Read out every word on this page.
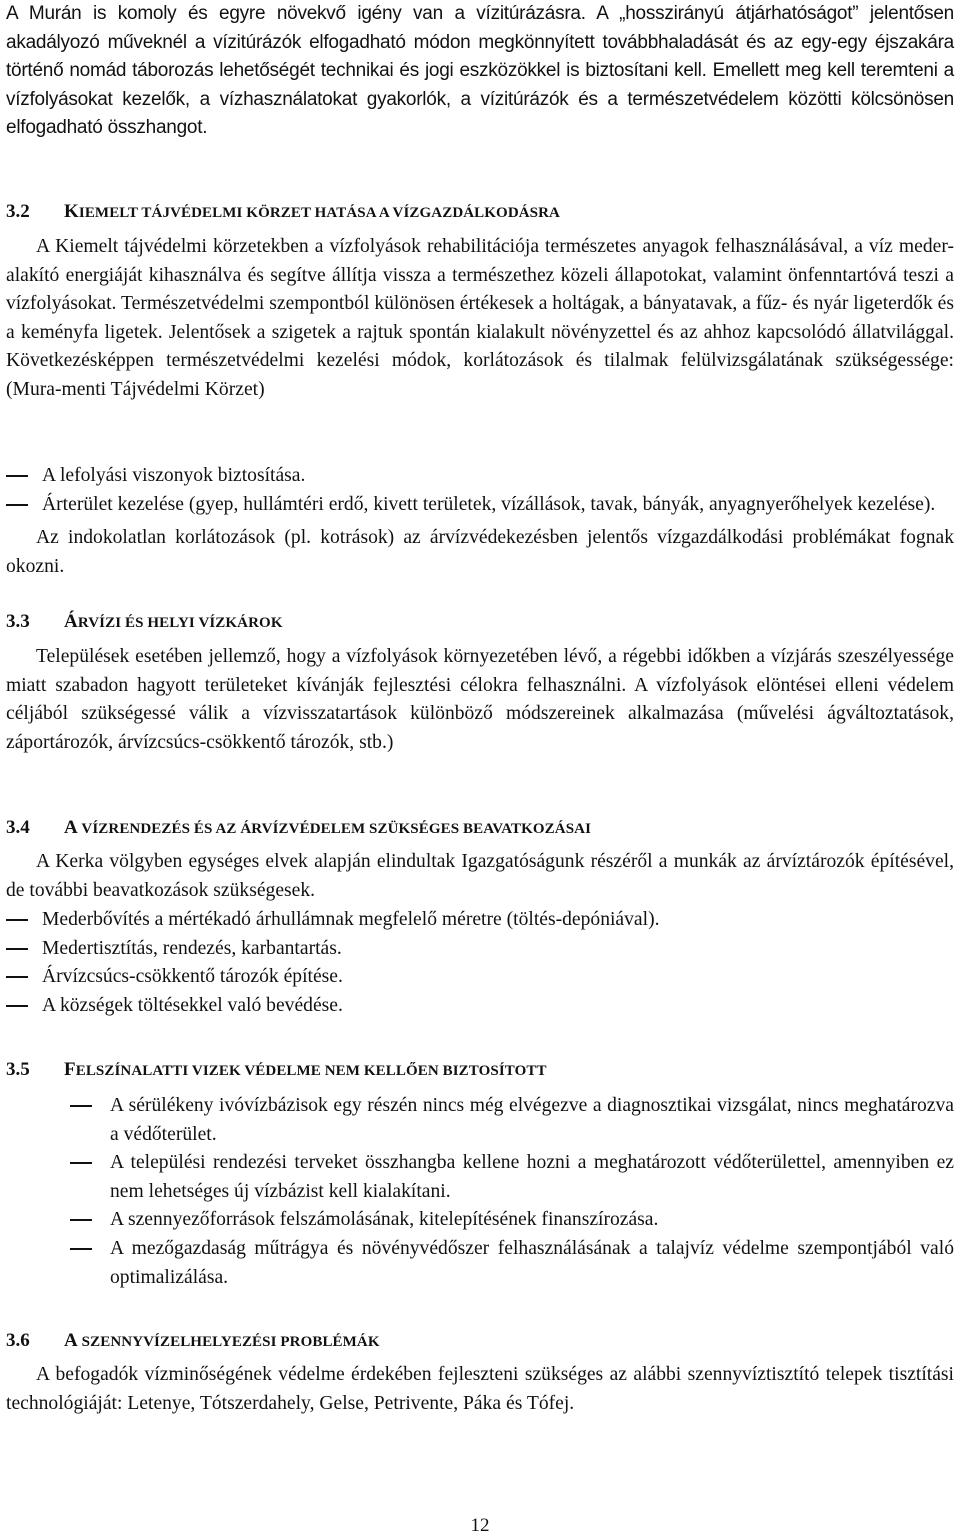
A Murán is komoly és egyre növekvő igény van a vízitúrázásra. A „hosszirányú átjárhatóságot” jelentősen akadályozó műveknél a vízitúrázók elfogadható módon megkönnyített továbbhaladását és az egy-egy éjszakára történő nomád táborozás lehetőségét technikai és jogi eszközökkel is biztosítani kell. Emellett meg kell teremteni a vízfolyásokat kezelők, a vízhasználatokat gyakorlók, a vízitúrázók és a természetvédelem közötti kölcsönösen elfogadható összhangot.

3.2	KIEMELT TÁJVÉDELMI KÖRZET HATÁSA A VÍZGAZDÁLKODÁSRA

A Kiemelt tájvédelmi körzetekben a vízfolyások rehabilitációja természetes anyagok felhasználásával, a víz meder-alakító energiáját kihasználva és segítve állítja vissza a természethez közeli állapotokat, valamint önfenntartóvá teszi a vízfolyásokat. Természetvédelmi szempontból különösen értékesek a holtágak, a bányatavak, a fűz- és nyár ligeterdők és a keményfa ligetek. Jelentősek a szigetek a rajtuk spontán kialakult növényzettel és az ahhoz kapcsolódó állatvilággal. Következésképpen természetvédelmi kezelési módok, korlátozások és tilalmak felülvizsgálatának szükségessége: (Mura-menti Tájvédelmi Körzet)

A lefolyási viszonyok biztosítása.
Árterület kezelése (gyep, hullámtéri erdő, kivett területek, vízállások, tavak, bányák, anyagnyerőhelyek kezelése).

Az indokolatlan korlátozások (pl. kotrások) az árvízvédekezésben jelentős vízgazdálkodási problémákat fognak okozni.

3.3	ÁRVÍZI ÉS HELYI VÍZKÁROK

Települések esetében jellemző, hogy a vízfolyások környezetében lévő, a régebbi időkben a vízjárás szeszélyessége miatt szabadon hagyott területeket kívánják fejlesztési célokra felhasználni. A vízfolyások elöntései elleni védelem céljából szükségessé válik a vízvisszatartások különböző módszereinek alkalmazása (művelési ágváltoztatások, záportározók, árvízcsúcs-csökkentő tározók, stb.)

3.4	A VÍZRENDEZÉS ÉS AZ ÁRVÍZVÉDELEM SZÜKSÉGES BEAVATKOZÁSAI

A Kerka völgyben egységes elvek alapján elindultak Igazgatóságunk részéről a munkák az árvíztározók építésével, de további beavatkozások szükségesek.

Mederbővítés a mértékadó árhullámnak megfelelő méretre (töltés-depóniával).
Medertisztítás, rendezés, karbantartás.
Árvízcsúcs-csökkentő tározók építése.
A községek töltésekkel való bevédése.
3.5	FELSZÍNALATTI VIZEK VÉDELME NEM KELLŐEN BIZTOSÍTOTT
A sérülékeny ivóvízbázisok egy részén nincs még elvégezve a diagnosztikai vizsgálat, nincs meghatározva a védőterület.
A települési rendezési terveket összhangba kellene hozni a meghatározott védőterülettel, amennyiben ez nem lehetséges új vízbázist kell kialakítani.
A szennyezőforrások felszámolásának, kitelepítésének finanszírozása.
A mezőgazdaság műtrágya és növényvédőszer felhasználásának a talajvíz védelme szempontjából való optimalizálása.
3.6	A SZENNYVÍZELHELYEZÉSI PROBLÉMÁK

A befogadók vízminőségének védelme érdekében fejleszteni szükséges az alábbi szennyvíztisztító telepek tisztítási technológiáját: Letenye, Tótszerdahely, Gelse, Petrivente, Páka és Tófej.

12
